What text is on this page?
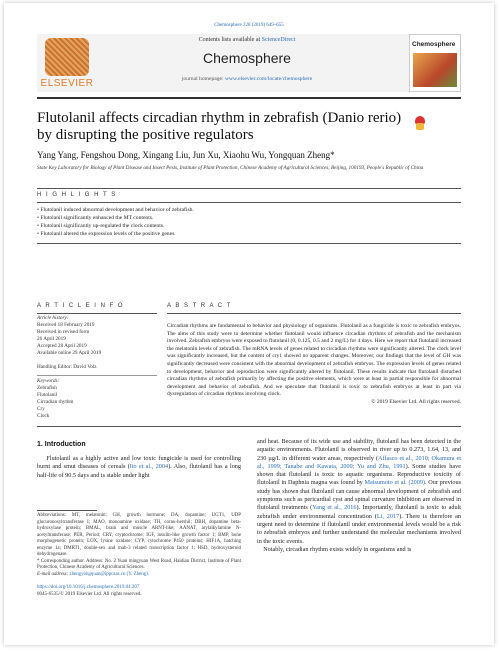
Chemosphere 228 (2019) 649–655
ELSEVIER
Contents lists available at ScienceDirect
Chemosphere
journal homepage: www.elsevier.com/locate/chemosphere
Chemosphere
Flutolanil affects circadian rhythm in zebrafish (Danio rerio) by disrupting the positive regulators
Yang Yang, Fengshou Dong, Xingang Liu, Jun Xu, Xiaohu Wu, Yongquan Zheng*
State Key Laboratory for Biology of Plant Disease and Insect Pests, Institute of Plant Protection, Chinese Academy of Agricultural Sciences, Beijing, 100193, People's Republic of China
H I G H L I G H T S
• Flutolanil induced abnormal development and behavior of zebrafish.
• Flutolanil significantly enhanced the MT contents.
• Flutolanil significantly up-regulated the clock contents.
• Flutolanil altered the expression levels of the positive genes.
A R T I C L E I N F O	A B S T R A C T
Article history:
Received 18 February 2019
Received in revised form
26 April 2019
Accepted 28 April 2019
Available online 29 April 2019
Handling Editor: David Volz
Keywords:
Zebrafish
Flutolanil
Circadian rhythm
Cry
Clock
Circadian rhythms are fundamental to behavior and physiology of organisms. Flutolanil as a fungicide is toxic to zebrafish embryos. The aims of this study were to determine whether flutolanil would influence circadian rhythms of zebrafish and the mechanism involved. Zebrafish embryos were exposed to flutolanil (0, 0.125, 0.5 and 2 mg/L) for 4 days. Here we report that flutolanil increased the melatonin levels of zebrafish. The mRNA levels of genes related to circadian rhythms were significantly altered. The clock level was significantly increased, but the content of cry1 showed no apparent changes. Moreover, our findings that the level of GH was significantly decreased were consistent with the abnormal development of zebrafish embryos. The expression levels of genes related to development, behavior and reproduction were significantly altered by flutolanil. These results indicate that flutolanil disturbed circadian rhythms of zebrafish primarily by affecting the positive elements, which were at least in partial responsible for abnormal development and behavior of zebrafish. And we speculate that flutolanil is toxic to zebrafish embryos at least in part via dysregulation of circadian rhythms involving clock.

© 2019 Elsevier Ltd. All rights reserved.
1. Introduction
Flutolanil as a highly active and low toxic fungicide is used for controlling burnt and smut diseases of cereals (Ito et al., 2004). Also, flutolanil has a long half-life of 90.5 days and is stable under light
Abbreviations: MT, melatonin; GH, growth hormone; DA, dopamine; UGT1, UDP glucuronosyltransferase 1; MAO, monoamine oxidase; TH, cornu-hershil; DBH, dopamine beta-hydroxylase protein; BMAL, brain and muscle ARNT-like; AANAT, arylalkylamine N-acetyltransferase; PER, Period; CRY, cryptochrome; IGF, insulin-like growth factor 1; BMP, bone morphogenetic protein; LOX, lysine oxidase; CYP, cytochrome P450 proteins; HIF1A, hatching enzyme 1a; DMRT1, double-sex and mab-3 related transcription factor 1; HSD, hydroxysteroid dehydrogenase.
* Corresponding author. Address: No. 2 Yuan mingyuan West Road, Haidian District, Institute of Plant Protection, Chinese Academy of Agricultural Sciences.
E-mail address: zhengyongquan@ippcaas.cn (Y. Zheng).
and heat. Because of its wide use and stability, flutolanil has been detected in the aquatic environments. Flutolanil is observed in river up to 0.273, 1.64, 13, and 230 µg/L in different water areas, respectively (Affasco et al., 2010; Okamura et al., 1999; Tanabe and Kawata, 2009; Yu and Zhu, 1991). Some studies have shown that flutolanil is toxic to aquatic organisms. Reproductive toxicity of flutolanil in Daphnia magna was found by Matsumoto et al. (2009). Our previous study has shown that flutolanil can cause abnormal development of zebrafish and symptoms such as pericardial cyst and spinal curvature inhibition are observed in flutolanil treatments (Yang et al., 2016). Importantly, flutolanil is toxic to adult zebrafish under environmental concentration (Li, 2017). There is therefore an urgent need to determine if flutolanil under environmental levels would be a risk to zebrafish embryos and further understand the molecular mechanisms involved in the toxic events.
Notably, circadian rhythm exists widely in organisms and is
https://doi.org/10.1016/j.chemosphere.2019.04.207
0045-6535/© 2019 Elsevier Ltd. All rights reserved.
